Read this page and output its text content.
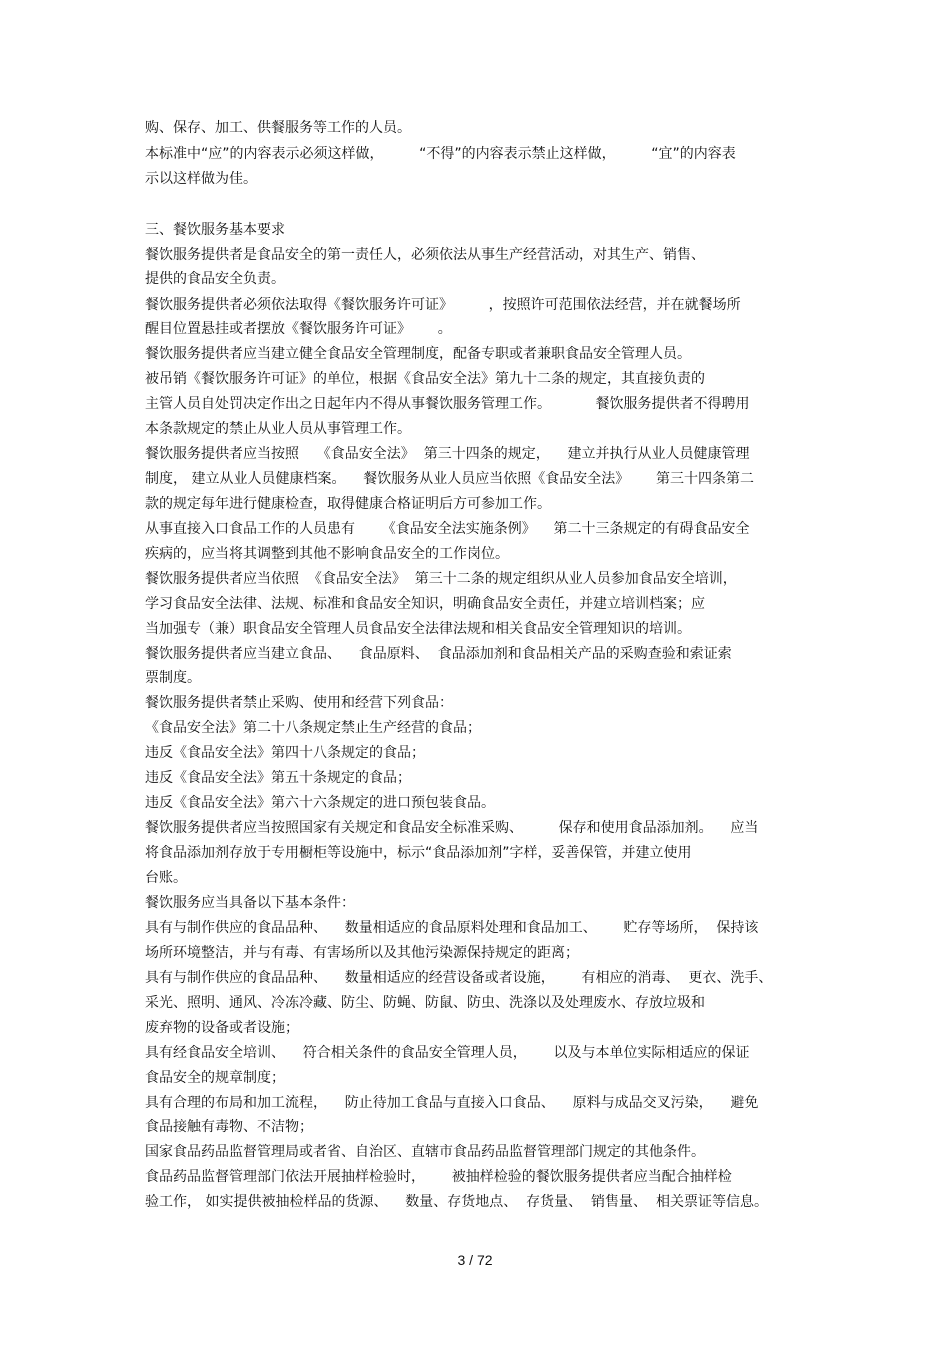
购、保存、加工、供餐服务等工作的人员。
本标准中“应”的内容表示必须这样做，        “不得”的内容表示禁止这样做，        “宜”的内容表
示以这样做为佳。
三、餐饮服务基本要求
餐饮服务提供者是食品安全的第一责任人，必须依法从事生产经营活动，对其生产、销售、
提供的食品安全负责。
餐饮服务提供者必须依法取得《餐饮服务许可证》        ，按照许可范围依法经营，并在就餐场所
醒目位置悬挂或者摆放《餐饮服务许可证》      。
餐饮服务提供者应当建立健全食品安全管理制度，配备专职或者兼职食品安全管理人员。
被吊销《餐饮服务许可证》的单位，根据《食品安全法》第九十二条的规定，其直接负责的
主管人员自处罚决定作出之日起年内不得从事餐饮服务管理工作。          餐饮服务提供者不得聘用
本条款规定的禁止从业人员从事管理工作。
餐饮服务提供者应当按照    《食品安全法》  第三十四条的规定，    建立并执行从业人员健康管理
制度， 建立从业人员健康档案。    餐饮服务从业人员应当依照《食品安全法》      第三十四条第二
款的规定每年进行健康检查，取得健康合格证明后方可参加工作。
从事直接入口食品工作的人员患有      《食品安全法实施条例》    第二十三条规定的有碍食品安全
疾病的，应当将其调整到其他不影响食品安全的工作岗位。
餐饮服务提供者应当依照  《食品安全法》  第三十二条的规定组织从业人员参加食品安全培训，
学习食品安全法律、法规、标准和食品安全知识，明确食品安全责任，并建立培训档案；应
当加强专（兼）职食品安全管理人员食品安全法律法规和相关食品安全管理知识的培训。
餐饮服务提供者应当建立食品、    食品原料、  食品添加剂和食品相关产品的采购查验和索证索
票制度。
餐饮服务提供者禁止采购、使用和经营下列食品：
《食品安全法》第二十八条规定禁止生产经营的食品；
违反《食品安全法》第四十八条规定的食品；
违反《食品安全法》第五十条规定的食品；
违反《食品安全法》第六十六条规定的进口预包装食品。
餐饮服务提供者应当按照国家有关规定和食品安全标准采购、        保存和使用食品添加剂。    应当
将食品添加剂存放于专用橱柜等设施中，标示“食品添加剂”字样，妥善保管，并建立使用
台账。
餐饮服务应当具备以下基本条件：
具有与制作供应的食品品种、    数量相适应的食品原料处理和食品加工、      贮存等场所，  保持该
场所环境整洁，并与有毒、有害场所以及其他污染源保持规定的距离；
具有与制作供应的食品品种、    数量相适应的经营设备或者设施，      有相应的消毒、  更衣、洗手、
采光、照明、通风、冷冻冷藏、防尘、防蝇、防鼠、防虫、洗涤以及处理废水、存放垃圾和
废弃物的设备或者设施；
具有经食品安全培训、    符合相关条件的食品安全管理人员，      以及与本单位实际相适应的保证
食品安全的规章制度；
具有合理的布局和加工流程，    防止待加工食品与直接入口食品、    原料与成品交叉污染，    避免
食品接触有毒物、不洁物；
国家食品药品监督管理局或者省、自治区、直辖市食品药品监督管理部门规定的其他条件。
食品药品监督管理部门依法开展抽样检验时，      被抽样检验的餐饮服务提供者应当配合抽样检
验工作， 如实提供被抽检样品的货源、    数量、存货地点、  存货量、  销售量、  相关票证等信息。
3 / 72
